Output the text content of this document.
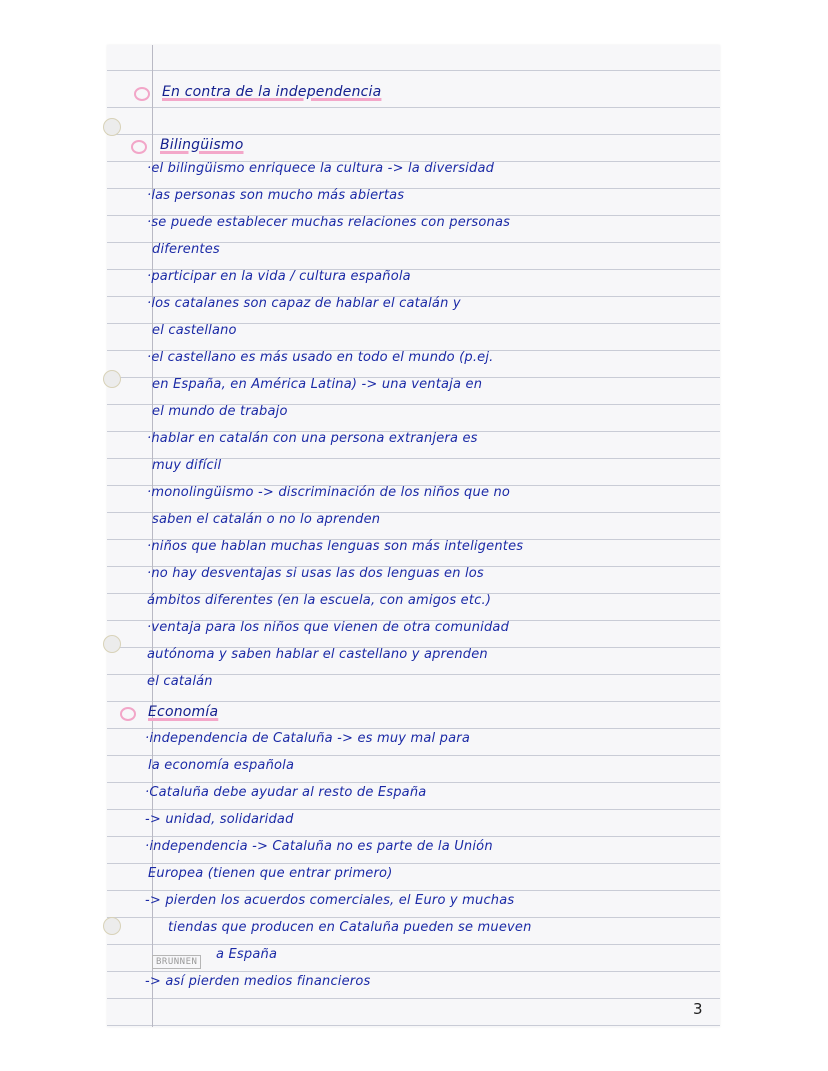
En contra de la independencia
Bilingüismo
·el bilingüismo enriquece la cultura -> la diversidad
·las personas son mucho más abiertas
·se puede establecer muchas relaciones con personas
diferentes
·participar en la vida / cultura española
·los catalanes son capaz de hablar el catalán y
el castellano
·el castellano es más usado en todo el mundo (p.ej.
en España, en América Latina) -> una ventaja en
el mundo de trabajo
·hablar en catalán con una persona extranjera es
muy difícil
·monolingüismo -> discriminación de los niños que no
saben el catalán o no lo aprenden
·niños que hablan muchas lenguas son más inteligentes
·no hay desventajas si usas las dos lenguas en los
ámbitos diferentes (en la escuela, con amigos etc.)
·ventaja para los niños que vienen de otra comunidad
autónoma y saben hablar el castellano y aprenden
el catalán
Economía
·independencia de Cataluña -> es muy mal para
la economía española
·Cataluña debe ayudar al resto de España
-> unidad, solidaridad
·independencia -> Cataluña no es parte de la Unión
Europea (tienen que entrar primero)
-> pierden los acuerdos comerciales, el Euro y muchas
tiendas que producen en Cataluña pueden se mueven
a España
-> así pierden medios financieros
BRUNNEN
3
